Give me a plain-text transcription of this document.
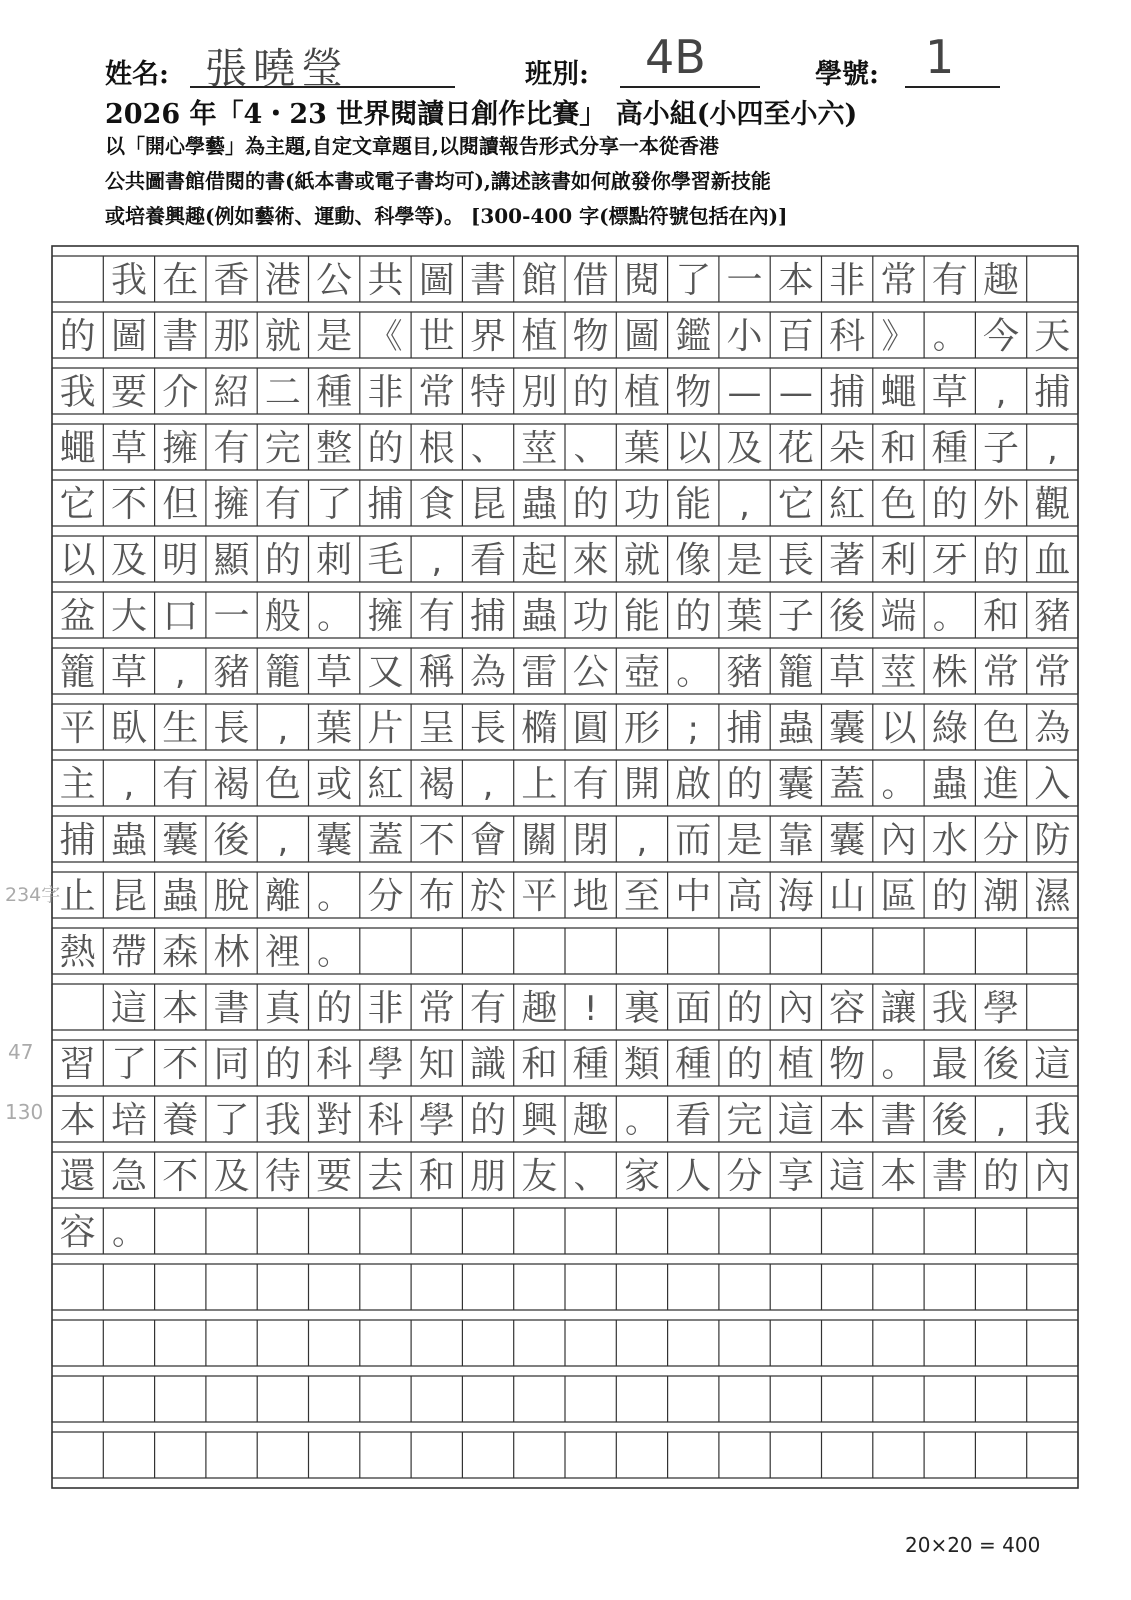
姓名: 張曉瑩	班別: 4B	學號: 1
2026 年「4・23 世界閱讀日創作比賽」 高小組(小四至小六)
以「開心學藝」為主題,自定文章題目,以閱讀報告形式分享一本從香港
公共圖書館借閱的書(紙本書或電子書均可),講述該書如何啟發你學習新技能
或培養興趣(例如藝術、運動、科學等)。 [300-400 字(標點符號包括在內)]
我 在 香 港 公 共 圖 書 館 借 閱 了 一 本 非 常 有 趣
的 圖 書 那 就 是 《 世 界 植 物 圖 鑑 小 百 科 》 。 今 天
我 要 介 紹 二 種 非 常 特 別 的 植 物 — — 捕 蠅 草 , 捕
蠅 草 擁 有 完 整 的 根 、 莖 、 葉 以 及 花 朵 和 種 子 ,
它 不 但 擁 有 了 捕 食 昆 蟲 的 功 能 , 它 紅 色 的 外 觀
以 及 明 顯 的 刺 毛 , 看 起 來 就 像 是 長 著 利 牙 的 血
盆 大 口 一 般 。 擁 有 捕 蟲 功 能 的 葉 子 後 端 。 和 豬
籠 草 , 豬 籠 草 又 稱 為 雷 公 壺 。 豬 籠 草 莖 株 常 常
平 臥 生 長 , 葉 片 呈 長 橢 圓 形 ; 捕 蟲 囊 以 綠 色 為
主 , 有 褐 色 或 紅 褐 , 上 有 開 啟 的 囊 蓋 。 蟲 進 入
捕 蟲 囊 後 , 囊 蓋 不 會 關 閉 , 而 是 靠 囊 內 水 分 防
止 昆 蟲 脫 離 。 分 布 於 平 地 至 中 高 海 山 區 的 潮 濕
熱 帶 森 林 裡 。
這 本 書 真 的 非 常 有 趣 ! 裏 面 的 內 容 讓 我 學
習 了 不 同 的 科 學 知 識 和 種 類 種 的 植 物 。 最 後 這
本 培 養 了 我 對 科 學 的 興 趣 。 看 完 這 本 書 後 , 我
還 急 不 及 待 要 去 和 朋 友 、 家 人 分 享 這 本 書 的 內
容 。
234字
47
130
20×20 = 400
